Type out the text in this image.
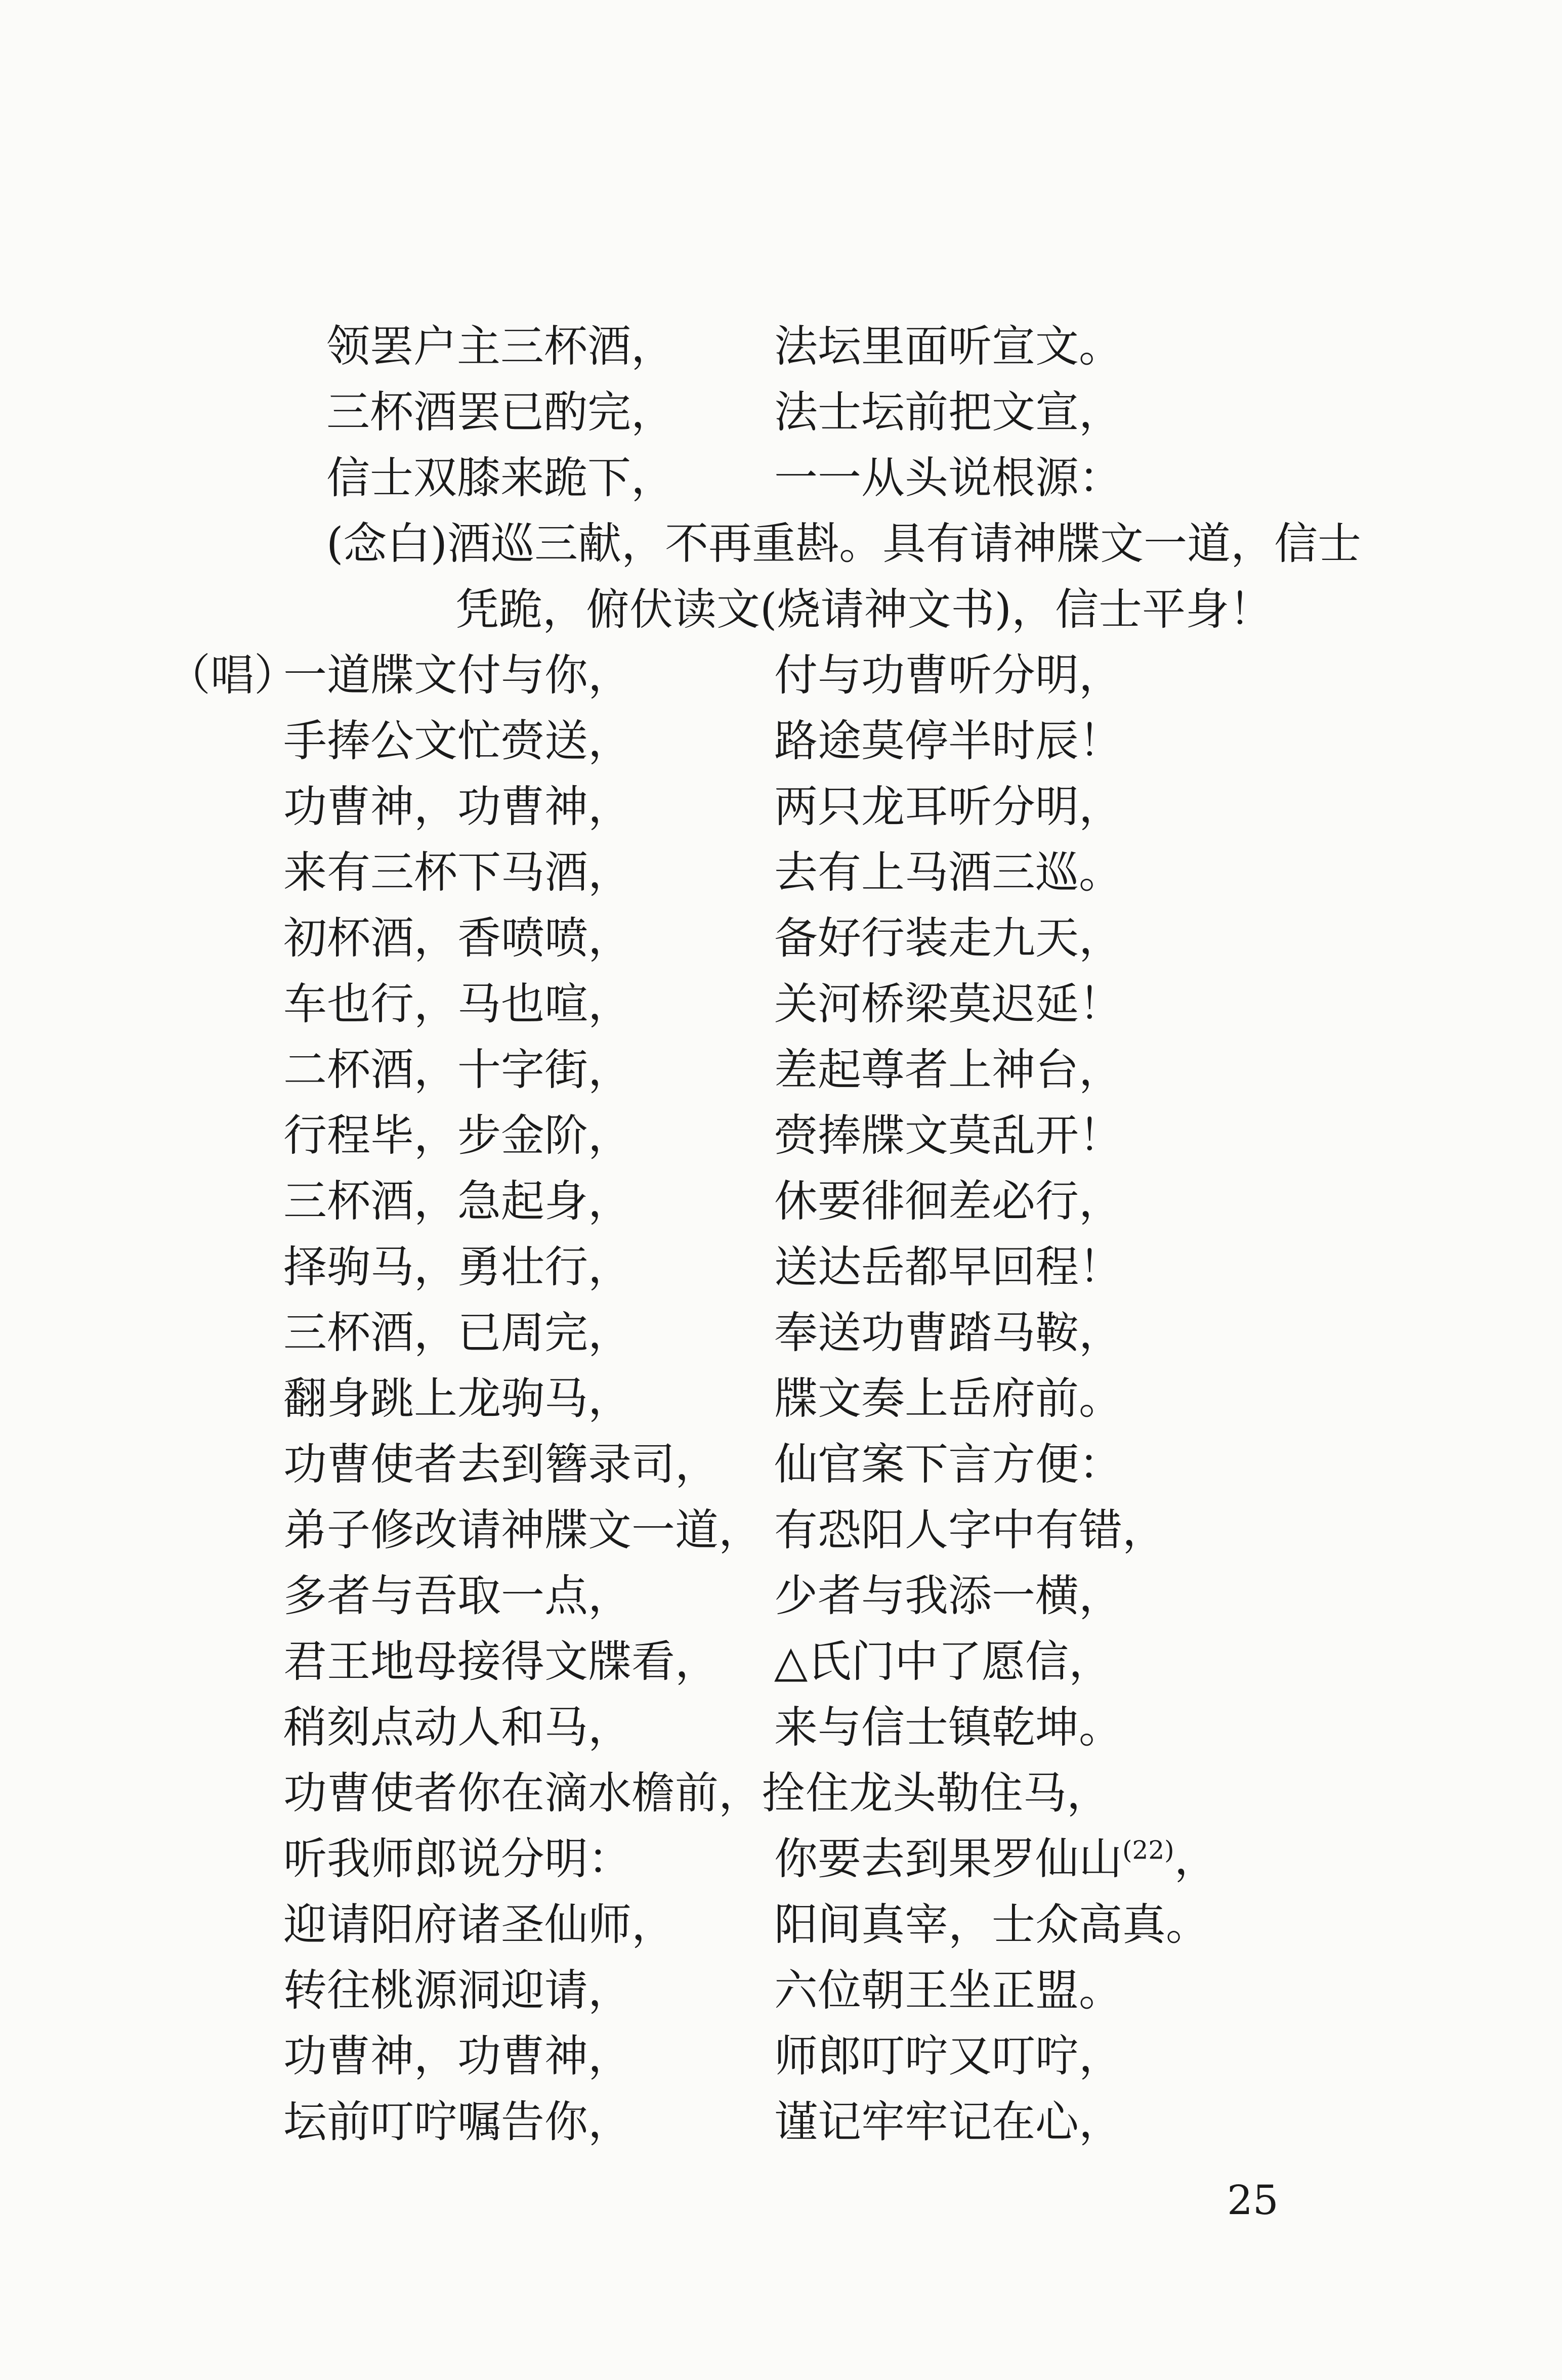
领罢户主三杯酒， 法坛里面听宣文。
三杯酒罢已酌完， 法士坛前把文宣，
信士双膝来跪下， 一一从头说根源：
(念白)酒巡三献，不再重斟。具有请神牒文一道，信士
凭跪，俯伏读文(烧请神文书)，信士平身！
（唱）
一道牒文付与你，	付与功曹听分明，
手捧公文忙赍送，	路途莫停半时辰！
功曹神，功曹神，	两只龙耳听分明，
来有三杯下马酒，	去有上马酒三巡。
初杯酒，香喷喷，	备好行装走九天，
车也行，马也喧，	关河桥梁莫迟延！
二杯酒，十字街，	差起尊者上神台，
行程毕，步金阶，	赍捧牒文莫乱开！
三杯酒，急起身，	休要徘徊差必行，
择驹马，勇壮行，	送达岳都早回程！
三杯酒，已周完，	奉送功曹踏马鞍，
翻身跳上龙驹马，	牒文奏上岳府前。
功曹使者去到簪录司， 仙官案下言方便：
弟子修改请神牒文一道， 有恐阳人字中有错，
多者与吾取一点，	少者与我添一横，
君王地母接得文牒看， △氏门中了愿信，
稍刻点动人和马，	来与信士镇乾坤。
功曹使者你在滴水檐前，拴住龙头勒住马，
听我师郎说分明：	你要去到果罗仙山$^{(22)}$，
迎请阳府诸圣仙师， 阳间真宰，士众高真。
转往桃源洞迎请，	六位朝王坐正盟。
功曹神，功曹神，	师郎叮咛又叮咛，
坛前叮咛嘱告你，	谨记牢牢记在心，
25
